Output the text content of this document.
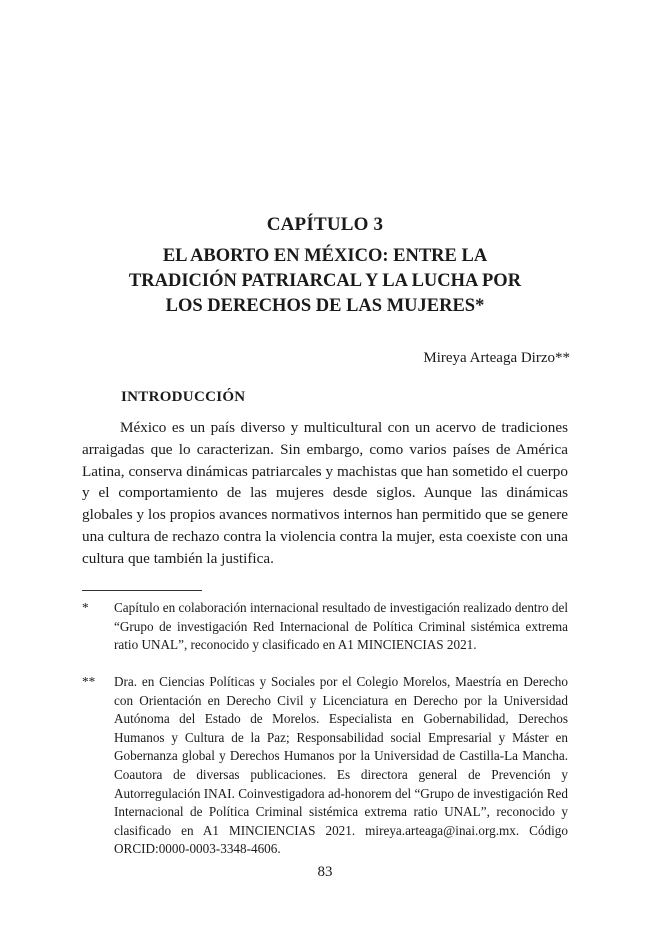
CAPÍTULO 3
EL ABORTO EN MÉXICO: ENTRE LA
TRADICIÓN PATRIARCAL Y LA LUCHA POR
LOS DERECHOS DE LAS MUJERES*
Mireya Arteaga Dirzo**
INTRODUCCIÓN

México es un país diverso y multicultural con un acervo de tradiciones arraigadas que lo caracterizan. Sin embargo, como varios países de América Latina, conserva dinámicas patriarcales y machistas que han sometido el cuerpo y el comportamiento de las mujeres desde siglos. Aunque las dinámicas globales y los propios avances normativos internos han permitido que se genere una cultura de rechazo contra la violencia contra la mujer, esta coexiste con una cultura que también la justifica.

*	Capítulo en colaboración internacional resultado de investigación realizado dentro del “Grupo de investigación Red Internacional de Política Criminal sistémica extrema ratio UNAL”, reconocido y clasificado en A1 MINCIENCIAS 2021.
**	Dra. en Ciencias Políticas y Sociales por el Colegio Morelos, Maestría en Derecho con Orientación en Derecho Civil y Licenciatura en Derecho por la Universidad Autónoma del Estado de Morelos. Especialista en Gobernabilidad, Derechos Humanos y Cultura de la Paz; Responsabilidad social Empresarial y Máster en Gobernanza global y Derechos Humanos por la Universidad de Castilla-La Mancha. Coautora de diversas publicaciones. Es directora general de Prevención y Autorregulación INAI. Coinvestigadora ad-honorem del “Grupo de investigación Red Internacional de Política Criminal sistémica extrema ratio UNAL”, reconocido y clasificado en A1 MINCIENCIAS 2021. mireya.arteaga@inai.org.mx. Código ORCID:0000-0003-3348-4606.
83
